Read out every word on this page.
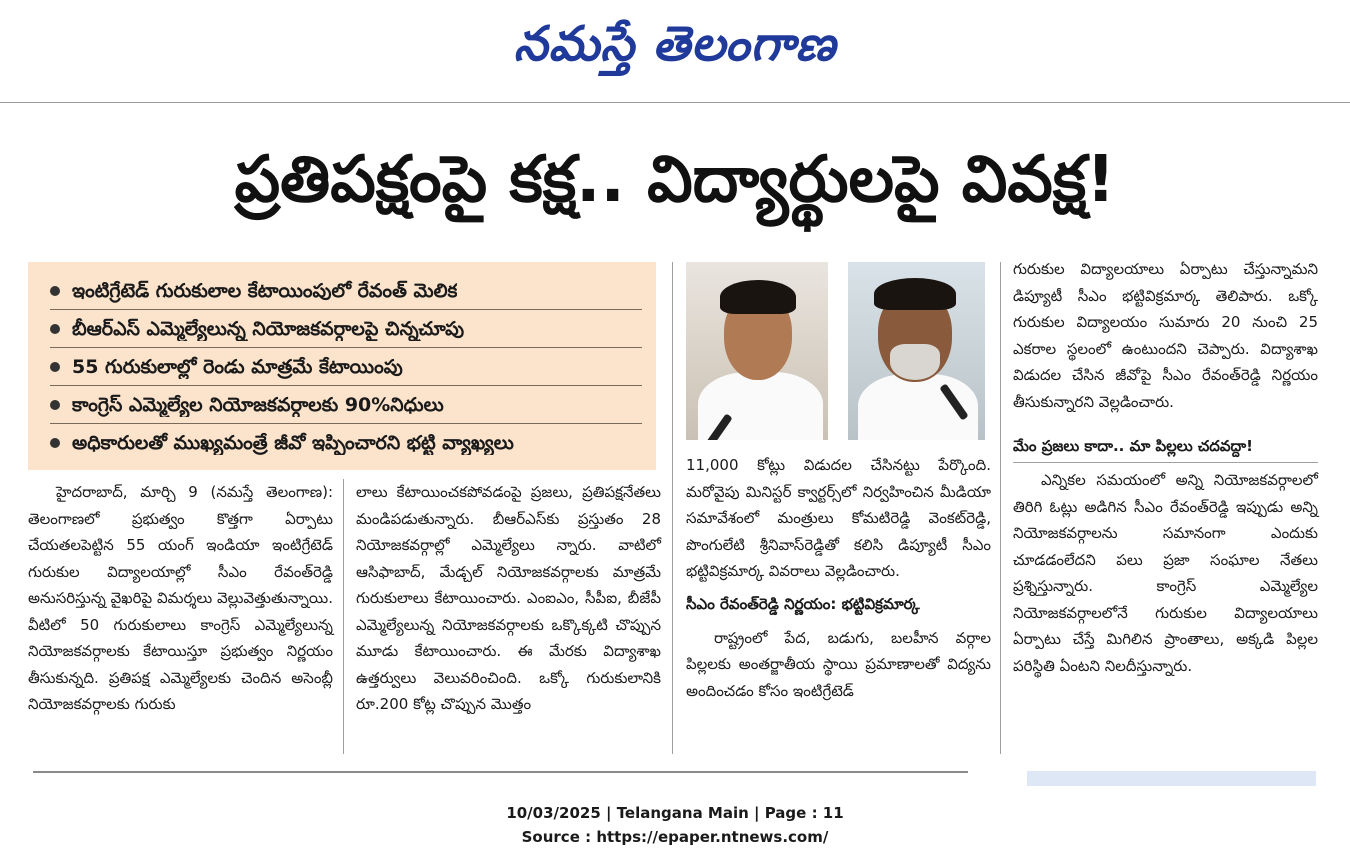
నమస్తే తెలంగాణ
ప్రతిపక్షంపై కక్ష.. విద్యార్థులపై వివక్ష!
ఇంటిగ్రేటెడ్ గురుకులాల కేటాయింపులో రేవంత్ మెలిక
బీఆర్ఎస్ ఎమ్మెల్యేలున్న నియోజకవర్గాలపై చిన్నచూపు
55 గురుకులాల్లో రెండు మాత్రమే కేటాయింపు
కాంగ్రెస్ ఎమ్మెల్యేల నియోజకవర్గాలకు 90%నిధులు
అధికారులతో ముఖ్యమంత్రే జీవో ఇప్పించారని భట్టి వ్యాఖ్యలు

హైదరాబాద్, మార్చి 9 (నమస్తే తెలంగాణ): తెలంగాణలో ప్రభుత్వం కొత్తగా ఏర్పాటు చేయతలపెట్టిన 55 యంగ్ ఇండియా ఇంటిగ్రేటెడ్ గురుకుల విద్యాలయాల్లో సీఎం రేవంత్‌రెడ్డి అనుసరిస్తున్న వైఖరిపై విమర్శలు వెల్లువెత్తుతున్నాయి. వీటిలో 50 గురుకులాలు కాంగ్రెస్ ఎమ్మెల్యేలున్న నియోజకవర్గాలకు కేటాయిస్తూ ప్రభుత్వం నిర్ణయం తీసుకున్నది. ప్రతిపక్ష ఎమ్మెల్యేలకు చెందిన అసెంబ్లీ నియోజకవర్గాలకు గురుకు

లాలు కేటాయించకపోవడంపై ప్రజలు, ప్రతిపక్షనేతలు మండిపడుతున్నారు. బీఆర్ఎస్‌కు ప్రస్తుతం 28 నియోజకవర్గాల్లో ఎమ్మెల్యేలు న్నారు. వాటిలో ఆసిఫాబాద్, మేడ్చల్ నియోజకవర్గాలకు మాత్రమే గురుకులాలు కేటాయించారు. ఎంఐఎం, సీపీఐ, బీజేపీ ఎమ్మెల్యేలున్న నియోజకవర్గాలకు ఒక్కొక్కటి చొప్పున మూడు కేటాయించారు. ఈ మేరకు విద్యాశాఖ ఉత్తర్వులు వెలువరించింది. ఒక్కో గురుకులానికి రూ.200 కోట్ల చొప్పున మొత్తం

11,000 కోట్లు విడుదల చేసినట్టు పేర్కొంది. మరోవైపు మినిస్టర్ క్వార్టర్స్‌లో నిర్వహించిన మీడియా సమావేశంలో మంత్రులు కోమటిరెడ్డి వెంకట్‌రెడ్డి, పొంగులేటి శ్రీనివాస్‌రెడ్డితో కలిసి డిప్యూటీ సీఎం భట్టివిక్రమార్క వివరాలు వెల్లడించారు.

సీఎం రేవంత్‌రెడ్డి నిర్ణయం: భట్టివిక్రమార్క

రాష్ట్రంలో పేద, బడుగు, బలహీన వర్గాల పిల్లలకు అంతర్జాతీయ స్థాయి ప్రమాణాలతో విద్యను అందించడం కోసం ఇంటిగ్రేటెడ్

గురుకుల విద్యాలయాలు ఏర్పాటు చేస్తున్నామని డిప్యూటీ సీఎం భట్టివిక్రమార్క తెలిపారు. ఒక్కో గురుకుల విద్యాలయం సుమారు 20 నుంచి 25 ఎకరాల స్థలంలో ఉంటుందని చెప్పారు. విద్యాశాఖ విడుదల చేసిన జీవోపై సీఎం రేవంత్‌రెడ్డి నిర్ణయం తీసుకున్నారని వెల్లడించారు.

మేం ప్రజలు కాదా.. మా పిల్లలు చదవద్దా!

ఎన్నికల సమయంలో అన్ని నియోజకవర్గాలలో తిరిగి ఓట్లు అడిగిన సీఎం రేవంత్‌రెడ్డి ఇప్పుడు అన్ని నియోజకవర్గాలను సమానంగా ఎందుకు చూడడంలేదని పలు ప్రజా సంఘాల నేతలు ప్రశ్నిస్తున్నారు. కాంగ్రెస్ ఎమ్మెల్యేల నియోజకవర్గాలలోనే గురుకుల విద్యాలయాలు ఏర్పాటు చేస్తే మిగిలిన ప్రాంతాలు, అక్కడి పిల్లల పరిస్థితి ఏంటని నిలదీస్తున్నారు.

10/03/2025 | Telangana Main | Page : 11
Source : https://epaper.ntnews.com/
